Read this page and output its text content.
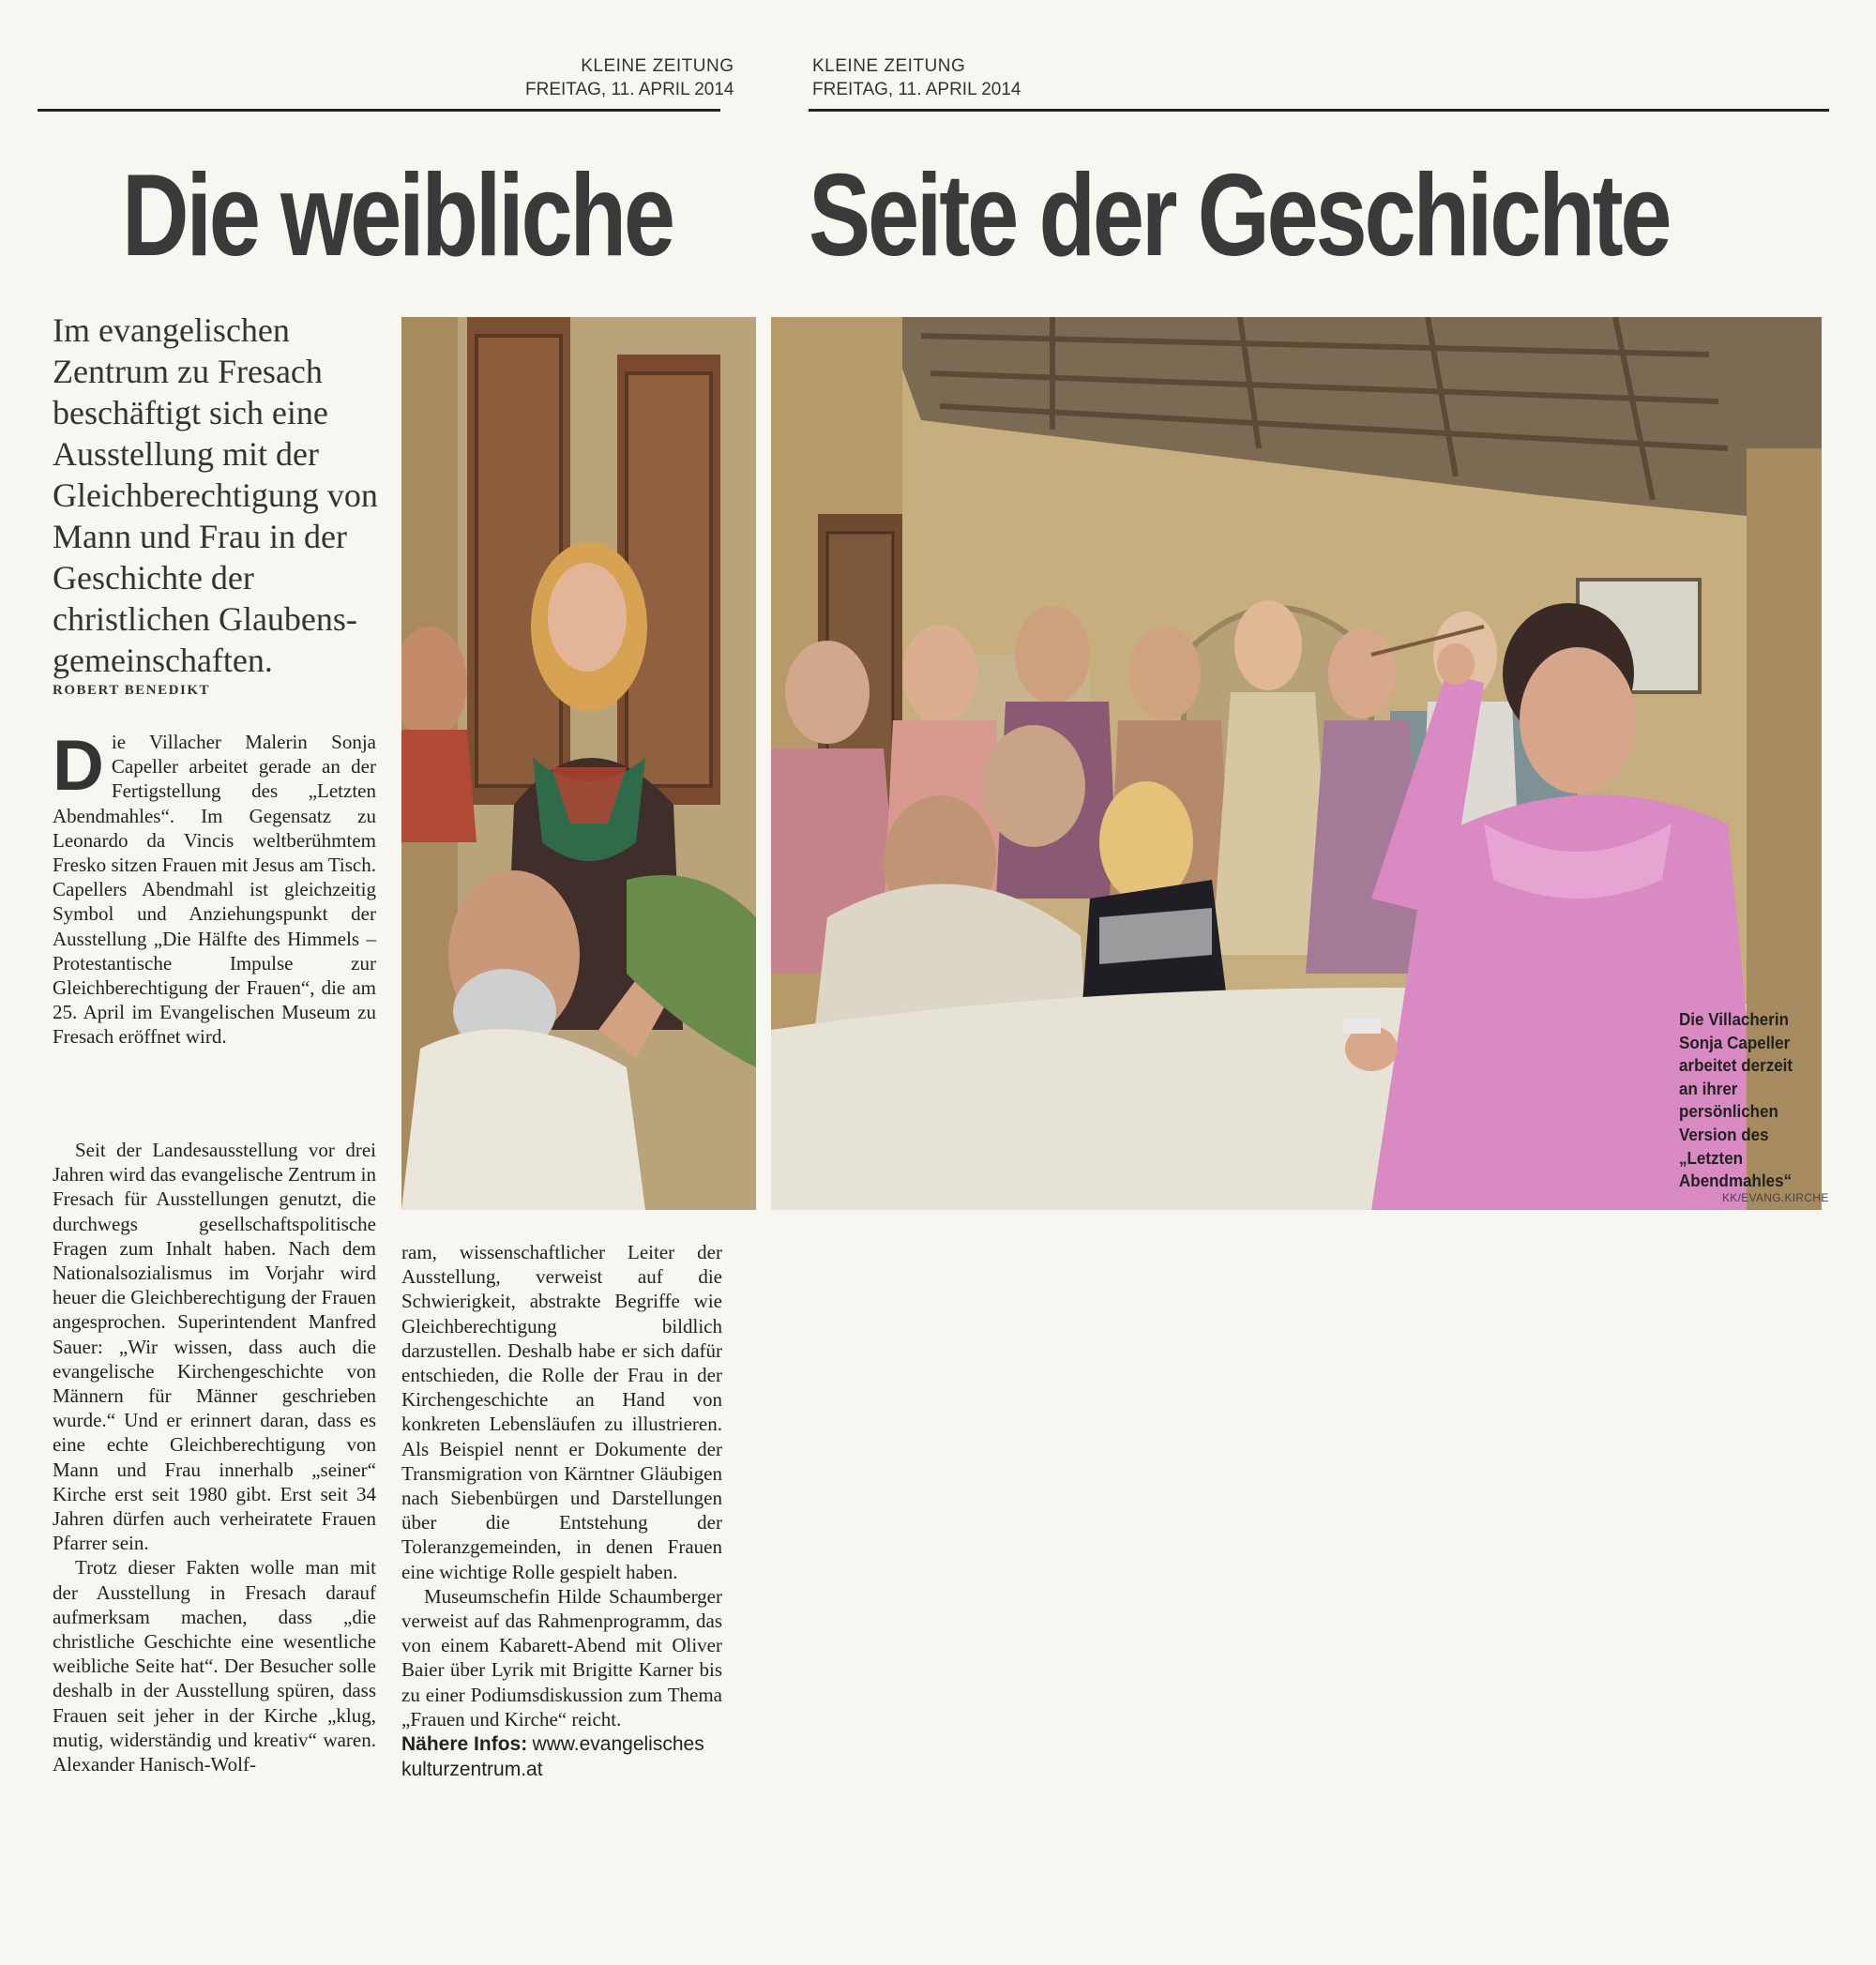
KLEINE ZEITUNG
FREITAG, 11. APRIL 2014
KLEINE ZEITUNG
FREITAG, 11. APRIL 2014
Die weibliche Seite der Geschichte
Im evangelischen Zentrum zu Fresach beschäftigt sich eine Ausstellung mit der Gleichberechtigung von Mann und Frau in der Geschichte der christlichen Glaubensgemeinschaften.
ROBERT BENEDIKT

Die Villacher Malerin Sonja Capeller arbeitet gerade an der Fertigstellung des „Letzten Abendmahles“. Im Gegensatz zu Leonardo da Vincis weltberühmtem Fresko sitzen Frauen mit Jesus am Tisch. Capellers Abendmahl ist gleichzeitig Symbol und Anziehungspunkt der Ausstellung „Die Hälfte des Himmels – Protestantische Impulse zur Gleichberechtigung der Frauen“, die am 25. April im Evangelischen Museum zu Fresach eröffnet wird.

Seit der Landesausstellung vor drei Jahren wird das evangelische Zentrum in Fresach für Ausstellungen genutzt, die durchwegs gesellschaftspolitische Fragen zum Inhalt haben. Nach dem Nationalsozialismus im Vorjahr wird heuer die Gleichberechtigung der Frauen angesprochen. Superintendent Manfred Sauer: „Wir wissen, dass auch die evangelische Kirchengeschichte von Männern für Männer geschrieben wurde.“ Und er erinnert daran, dass es eine echte Gleichberechtigung von Mann und Frau innerhalb „seiner“ Kirche erst seit 1980 gibt. Erst seit 34 Jahren dürfen auch verheiratete Frauen Pfarrer sein.

Trotz dieser Fakten wolle man mit der Ausstellung in Fresach darauf aufmerksam machen, dass „die christliche Geschichte eine wesentliche weibliche Seite hat“. Der Besucher solle deshalb in der Ausstellung spüren, dass Frauen seit jeher in der Kirche „klug, mutig, widerständig und kreativ“ waren. Alexander Hanisch-Wolf-

ram, wissenschaftlicher Leiter der Ausstellung, verweist auf die Schwierigkeit, abstrakte Begriffe wie Gleichberechtigung bildlich darzustellen. Deshalb habe er sich dafür entschieden, die Rolle der Frau in der Kirchengeschichte an Hand von konkreten Lebensläufen zu illustrieren. Als Beispiel nennt er Dokumente der Transmigration von Kärntner Gläubigen nach Siebenbürgen und Darstellungen über die Entstehung der Toleranzgemeinden, in denen Frauen eine wichtige Rolle gespielt haben.

Museumschefin Hilde Schaumberger verweist auf das Rahmenprogramm, das von einem Kabarett-Abend mit Oliver Baier über Lyrik mit Brigitte Karner bis zu einer Podiumsdiskussion zum Thema „Frauen und Kirche“ reicht.

Nähere Infos: www.evangelisches kulturzentrum.at

Die Villacherin Sonja Capeller arbeitet derzeit an ihrer persönlichen Version des „Letzten Abendmahles“
KK/EVANG.KIRCHE
